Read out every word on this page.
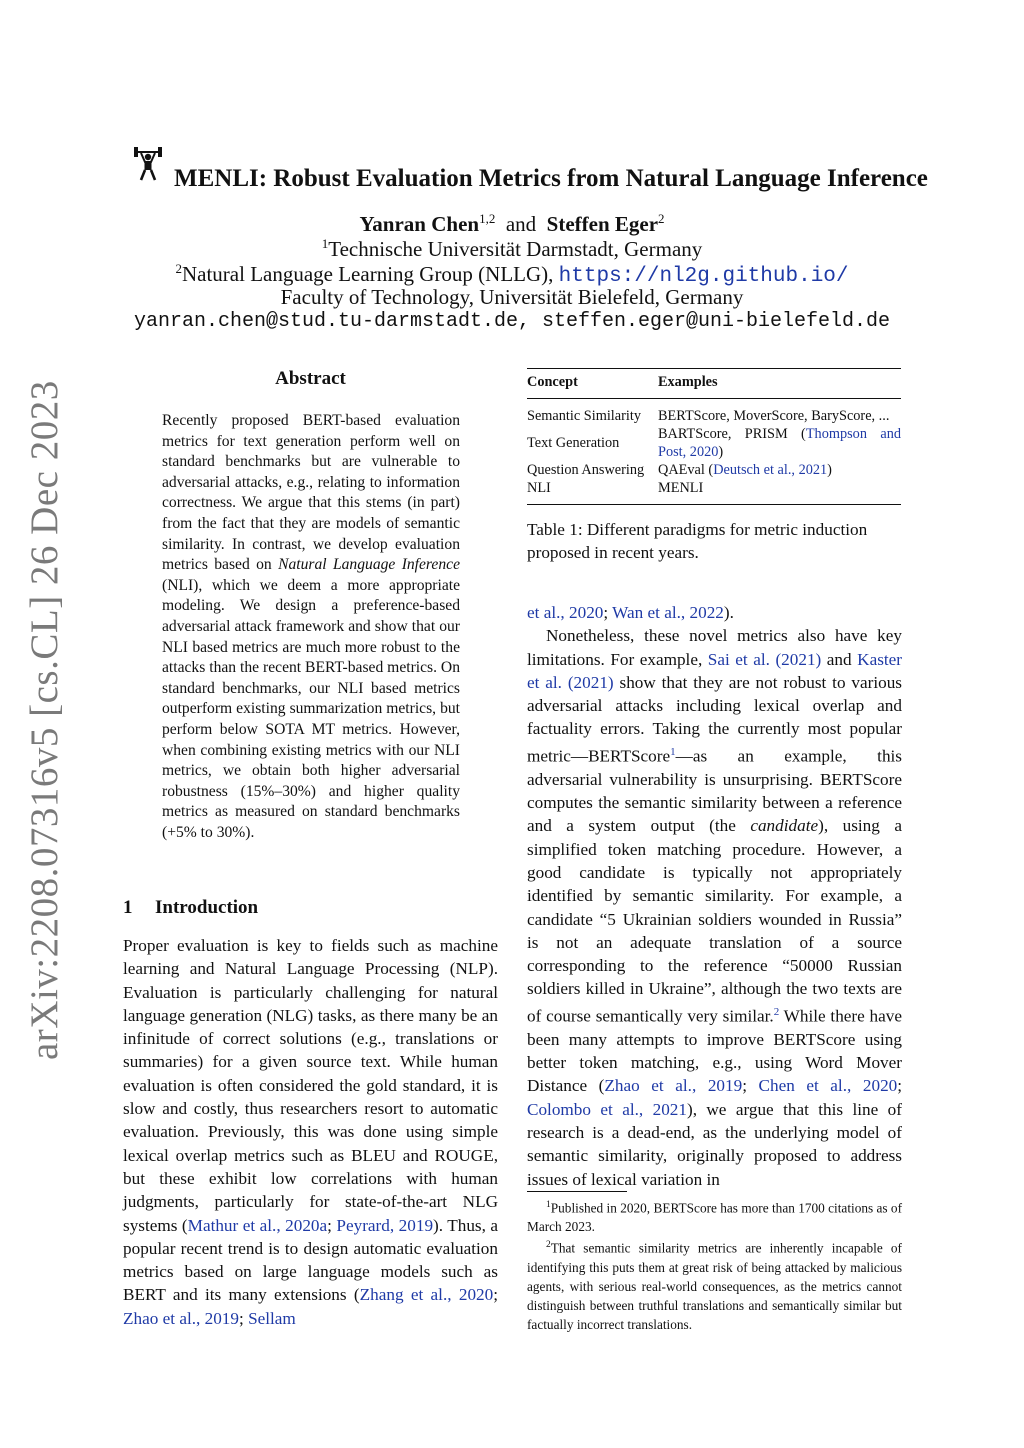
arXiv:2208.07316v5 [cs.CL] 26 Dec 2023
MENLI: Robust Evaluation Metrics from Natural Language Inference
Yanran Chen$^{1,2}$ and Steffen Eger$^2$
$^1$Technische Universität Darmstadt, Germany
$^2$Natural Language Learning Group (NLLG), https://nl2g.github.io/
Faculty of Technology, Universität Bielefeld, Germany
yanran.chen@stud.tu-darmstadt.de, steffen.eger@uni-bielefeld.de
Abstract

Recently proposed BERT-based evaluation metrics for text generation perform well on standard benchmarks but are vulnerable to adversarial attacks, e.g., relating to information correctness. We argue that this stems (in part) from the fact that they are models of semantic similarity. In contrast, we develop evaluation metrics based on Natural Language Inference (NLI), which we deem a more appropriate modeling. We design a preference-based adversarial attack framework and show that our NLI based metrics are much more robust to the attacks than the recent BERT-based metrics. On standard benchmarks, our NLI based metrics outperform existing summarization metrics, but perform below SOTA MT metrics. However, when combining existing metrics with our NLI metrics, we obtain both higher adversarial robustness (15%–30%) and higher quality metrics as measured on standard benchmarks (+5% to 30%).

1 Introduction

Proper evaluation is key to fields such as machine learning and Natural Language Processing (NLP). Evaluation is particularly challenging for natural language generation (NLG) tasks, as there many be an infinitude of correct solutions (e.g., translations or summaries) for a given source text. While human evaluation is often considered the gold standard, it is slow and costly, thus researchers resort to automatic evaluation. Previously, this was done using simple lexical overlap metrics such as BLEU and ROUGE, but these exhibit low correlations with human judgments, particularly for state-of-the-art NLG systems (Mathur et al., 2020a; Peyrard, 2019). Thus, a popular recent trend is to design automatic evaluation metrics based on large language models such as BERT and its many extensions (Zhang et al., 2020; Zhao et al., 2019; Sellam

Concept	Examples
Semantic Similarity	BERTScore, MoverScore, BaryScore, ...
Text Generation	BARTScore, PRISM (Thompson and Post, 2020)
Question Answering	QAEval (Deutsch et al., 2021)
NLI	MENLI

Table 1: Different paradigms for metric induction proposed in recent years.

et al., 2020; Wan et al., 2022).

Nonetheless, these novel metrics also have key limitations. For example, Sai et al. (2021) and Kaster et al. (2021) show that they are not robust to various adversarial attacks including lexical overlap and factuality errors. Taking the currently most popular metric—BERTScore$^1$—as an example, this adversarial vulnerability is unsurprising. BERTScore computes the semantic similarity between a reference and a system output (the candidate), using a simplified token matching procedure. However, a good candidate is typically not appropriately identified by semantic similarity. For example, a candidate “5 Ukrainian soldiers wounded in Russia” is not an adequate translation of a source corresponding to the reference “50000 Russian soldiers killed in Ukraine”, although the two texts are of course semantically very similar.$^2$ While there have been many attempts to improve BERTScore using better token matching, e.g., using Word Mover Distance (Zhao et al., 2019; Chen et al., 2020; Colombo et al., 2021), we argue that this line of research is a dead-end, as the underlying model of semantic similarity, originally proposed to address issues of lexical variation in

$^1$Published in 2020, BERTScore has more than 1700 citations as of March 2023.

$^2$That semantic similarity metrics are inherently incapable of identifying this puts them at great risk of being attacked by malicious agents, with serious real-world consequences, as the metrics cannot distinguish between truthful translations and semantically similar but factually incorrect translations.
